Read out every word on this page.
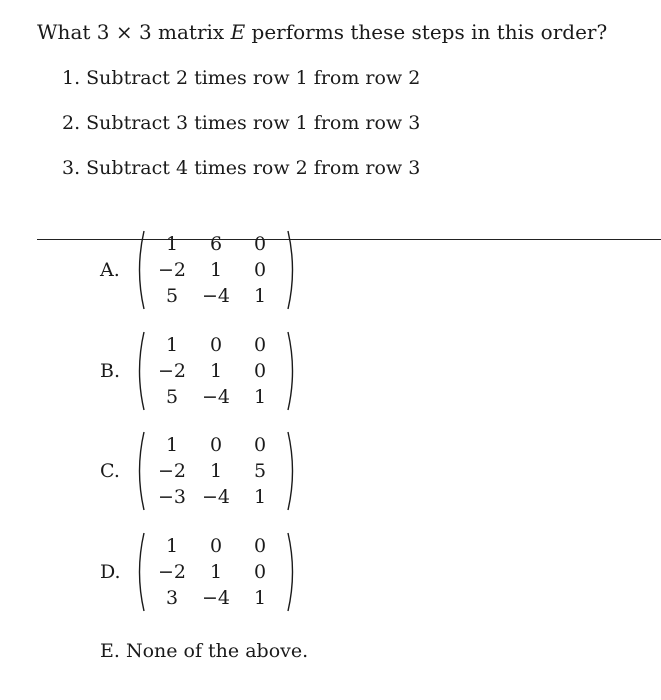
What 3 × 3 matrix E performs these steps in this order?
1. Subtract 2 times row 1 from row 2
2. Subtract 3 times row 1 from row 3
3. Subtract 4 times row 2 from row 3
A.
1	6	0
−2	1	0
5	−4	1
B.
1	0	0
−2	1	0
5	−4	1
C.
1	0	0
−2	1	5
−3 −4	1
D.
1	0	0
−2	1	0
3	−4	1
E. None of the above.
